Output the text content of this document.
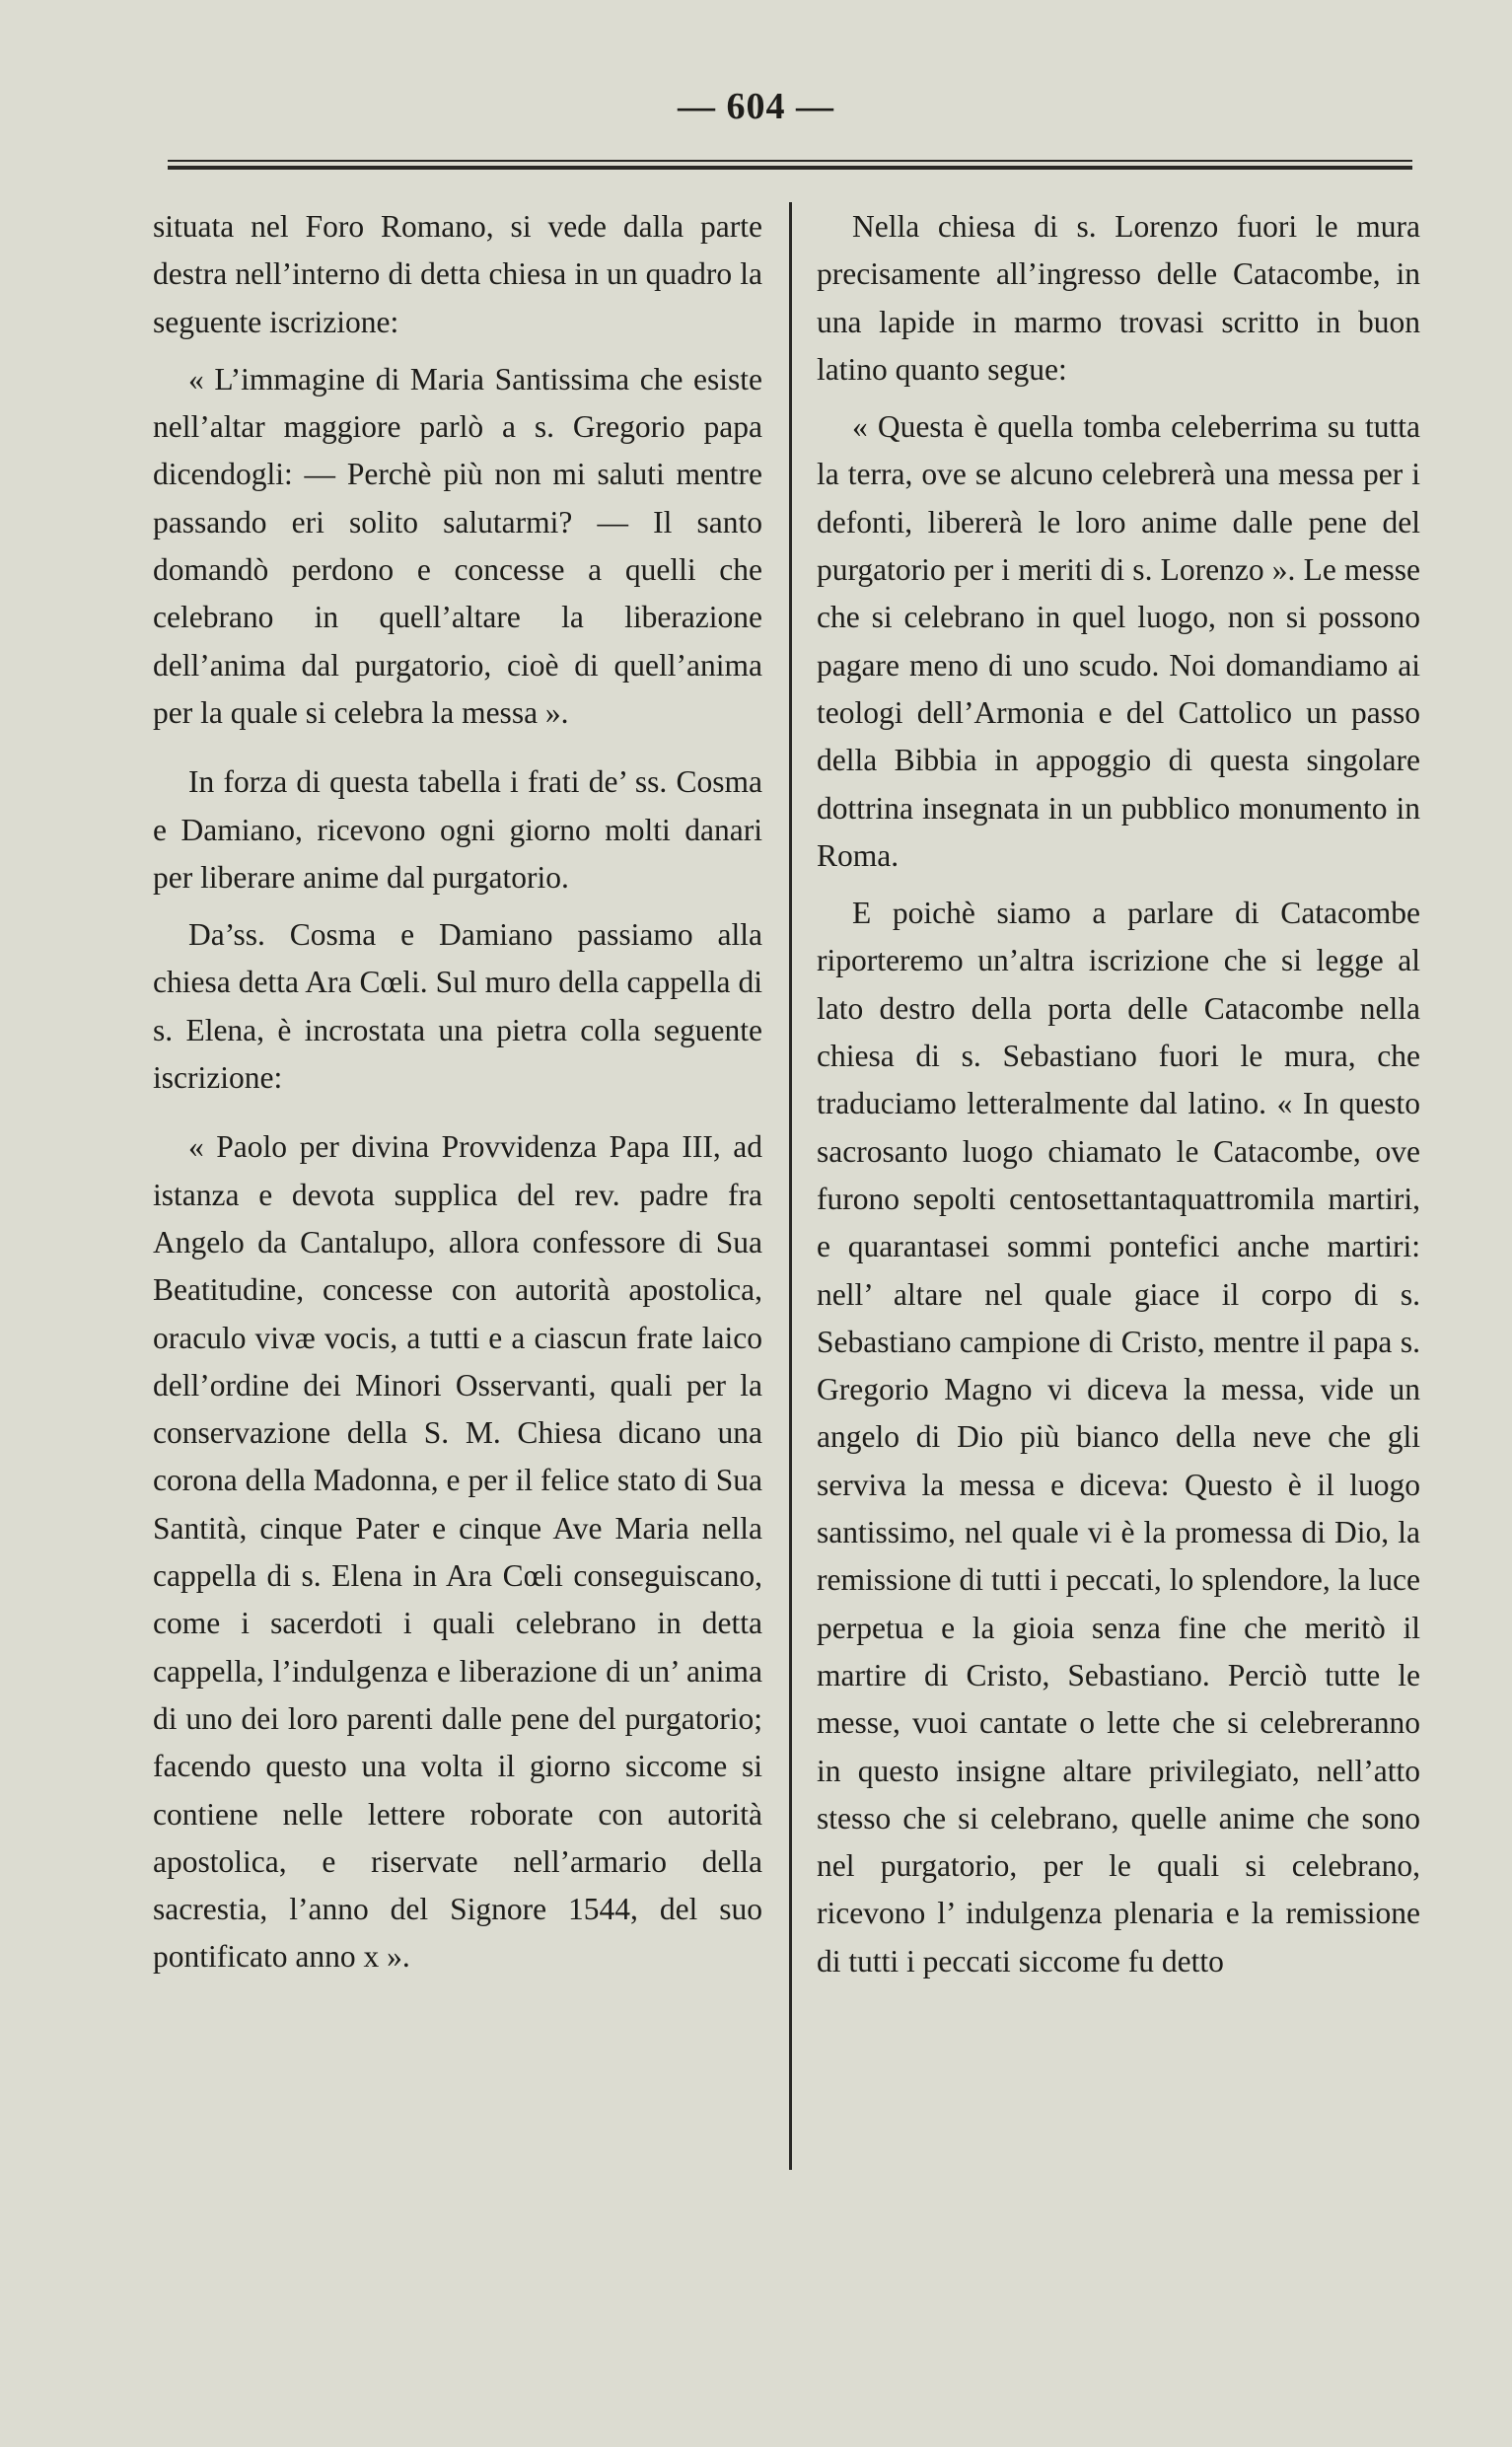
— 604 —

situata nel Foro Romano, si vede dalla parte destra nell’interno di detta chiesa in un quadro la seguente iscrizione:

« L’immagine di Maria Santissima che esiste nell’altar maggiore parlò a s. Gregorio papa dicendogli: — Perchè più non mi saluti mentre passando eri solito salutarmi? — Il santo domandò perdono e concesse a quelli che celebrano in quell’altare la liberazione dell’anima dal purgatorio, cioè di quell’anima per la quale si celebra la messa ».

In forza di questa tabella i frati de’ ss. Cosma e Damiano, ricevono ogni giorno molti danari per liberare anime dal purgatorio.

Da’ss. Cosma e Damiano passiamo alla chiesa detta Ara Cœli. Sul muro della cappella di s. Elena, è incrostata una pietra colla seguente iscrizione:

« Paolo per divina Provvidenza Papa III, ad istanza e devota supplica del rev. padre fra Angelo da Cantalupo, allora confessore di Sua Beatitudine, concesse con autorità apostolica, oraculo vivæ vocis, a tutti e a ciascun frate laico dell’ordine dei Minori Osservanti, quali per la conservazione della S. M. Chiesa dicano una corona della Madonna, e per il felice stato di Sua Santità, cinque Pater e cinque Ave Maria nella cappella di s. Elena in Ara Cœli conseguiscano, come i sacerdoti i quali celebrano in detta cappella, l’indulgenza e liberazione di un’ anima di uno dei loro parenti dalle pene del purgatorio; facendo questo una volta il giorno siccome si contiene nelle lettere roborate con autorità apostolica, e riservate nell’armario della sacrestia, l’anno del Signore 1544, del suo pontificato anno x ».

Nella chiesa di s. Lorenzo fuori le mura precisamente all’ingresso delle Catacombe, in una lapide in marmo trovasi scritto in buon latino quanto segue:

« Questa è quella tomba celeberrima su tutta la terra, ove se alcuno celebrerà una messa per i defonti, libererà le loro anime dalle pene del purgatorio per i meriti di s. Lorenzo ». Le messe che si celebrano in quel luogo, non si possono pagare meno di uno scudo. Noi domandiamo ai teologi dell’Armonia e del Cattolico un passo della Bibbia in appoggio di questa singolare dottrina insegnata in un pubblico monumento in Roma.

E poichè siamo a parlare di Catacombe riporteremo un’altra iscrizione che si legge al lato destro della porta delle Catacombe nella chiesa di s. Sebastiano fuori le mura, che traduciamo letteralmente dal latino. « In questo sacrosanto luogo chiamato le Catacombe, ove furono sepolti centosettantaquattromila martiri, e quarantasei sommi pontefici anche martiri: nell’ altare nel quale giace il corpo di s. Sebastiano campione di Cristo, mentre il papa s. Gregorio Magno vi diceva la messa, vide un angelo di Dio più bianco della neve che gli serviva la messa e diceva: Questo è il luogo santissimo, nel quale vi è la promessa di Dio, la remissione di tutti i peccati, lo splendore, la luce perpetua e la gioia senza fine che meritò il martire di Cristo, Sebastiano. Perciò tutte le messe, vuoi cantate o lette che si celebreranno in questo insigne altare privilegiato, nell’atto stesso che si celebrano, quelle anime che sono nel purgatorio, per le quali si celebrano, ricevono l’ indulgenza plenaria e la remissione di tutti i peccati siccome fu detto
